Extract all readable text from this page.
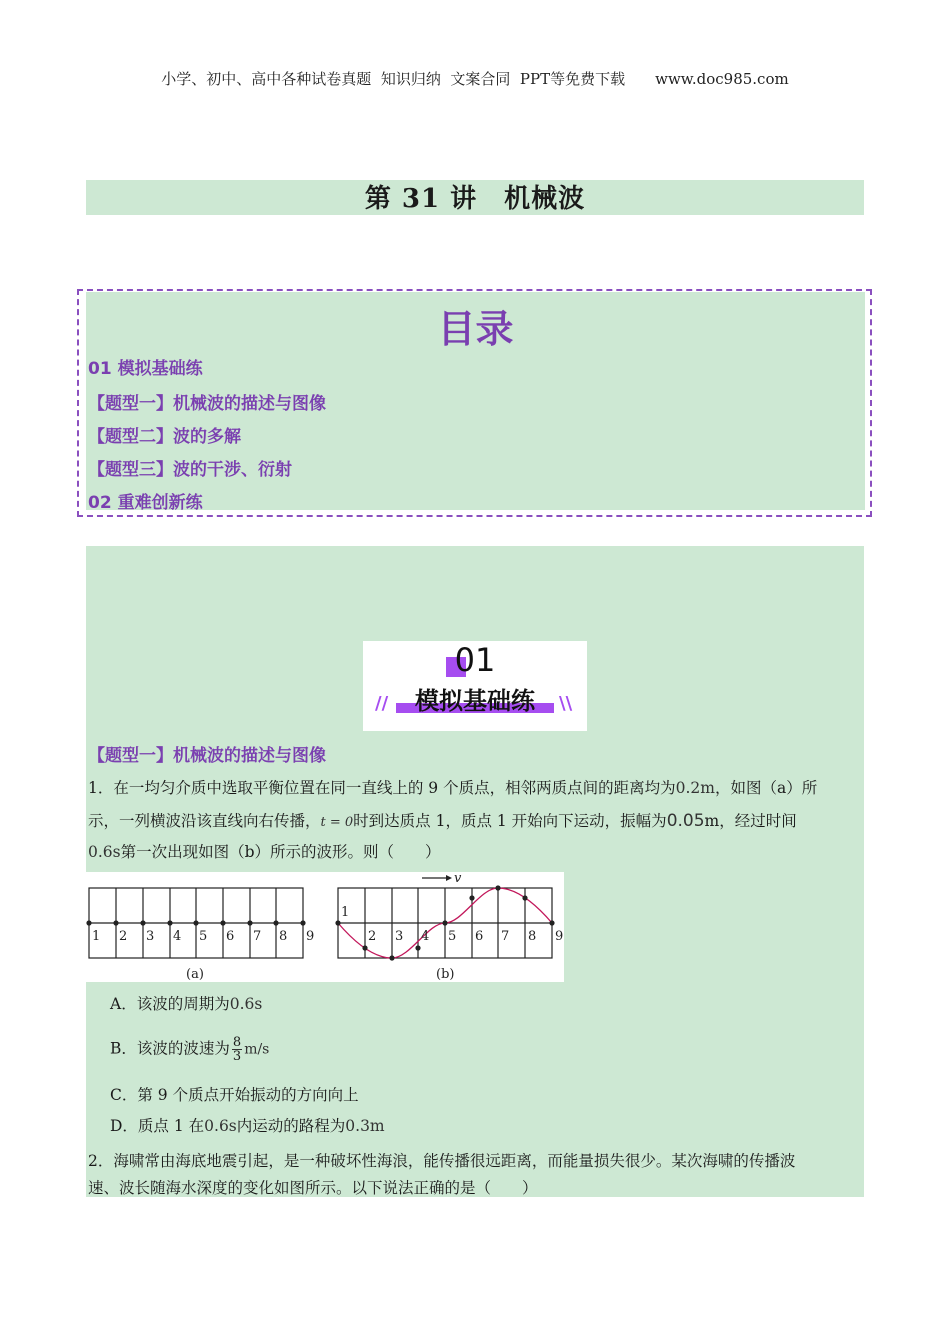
小学、初中、高中各种试卷真题  知识归纳  文案合同  PPT等免费下载　　 www.doc985.com
第 31 讲　机械波
目录
01 模拟基础练
【题型一】机械波的描述与图像
【题型二】波的多解
【题型三】波的干涉、衍射
02 重难创新练
01
模拟基础练
//	\\
【题型一】机械波的描述与图像
1．在一均匀介质中选取平衡位置在同一直线上的 9 个质点，相邻两质点间的距离均为0.2m，如图（a）所
示，一列横波沿该直线向右传播，t = 0时到达质点 1，质点 1 开始向下运动，振幅为0.05m，经过时间
0.6s第一次出现如图（b）所示的波形。则（　　）
1 2 3 4 5 6 7 8 9
(a)
v
1
2 3 4 5 6 7 8 9
(b)
A．该波的周期为0.6s
B．该波的波速为 $\frac{8}{3} m/s$
C．第 9 个质点开始振动的方向向上
D．质点 1 在0.6s内运动的路程为0.3m
2．海啸常由海底地震引起，是一种破坏性海浪，能传播很远距离，而能量损失很少。某次海啸的传播波
速、波长随海水深度的变化如图所示。以下说法正确的是（　　）
